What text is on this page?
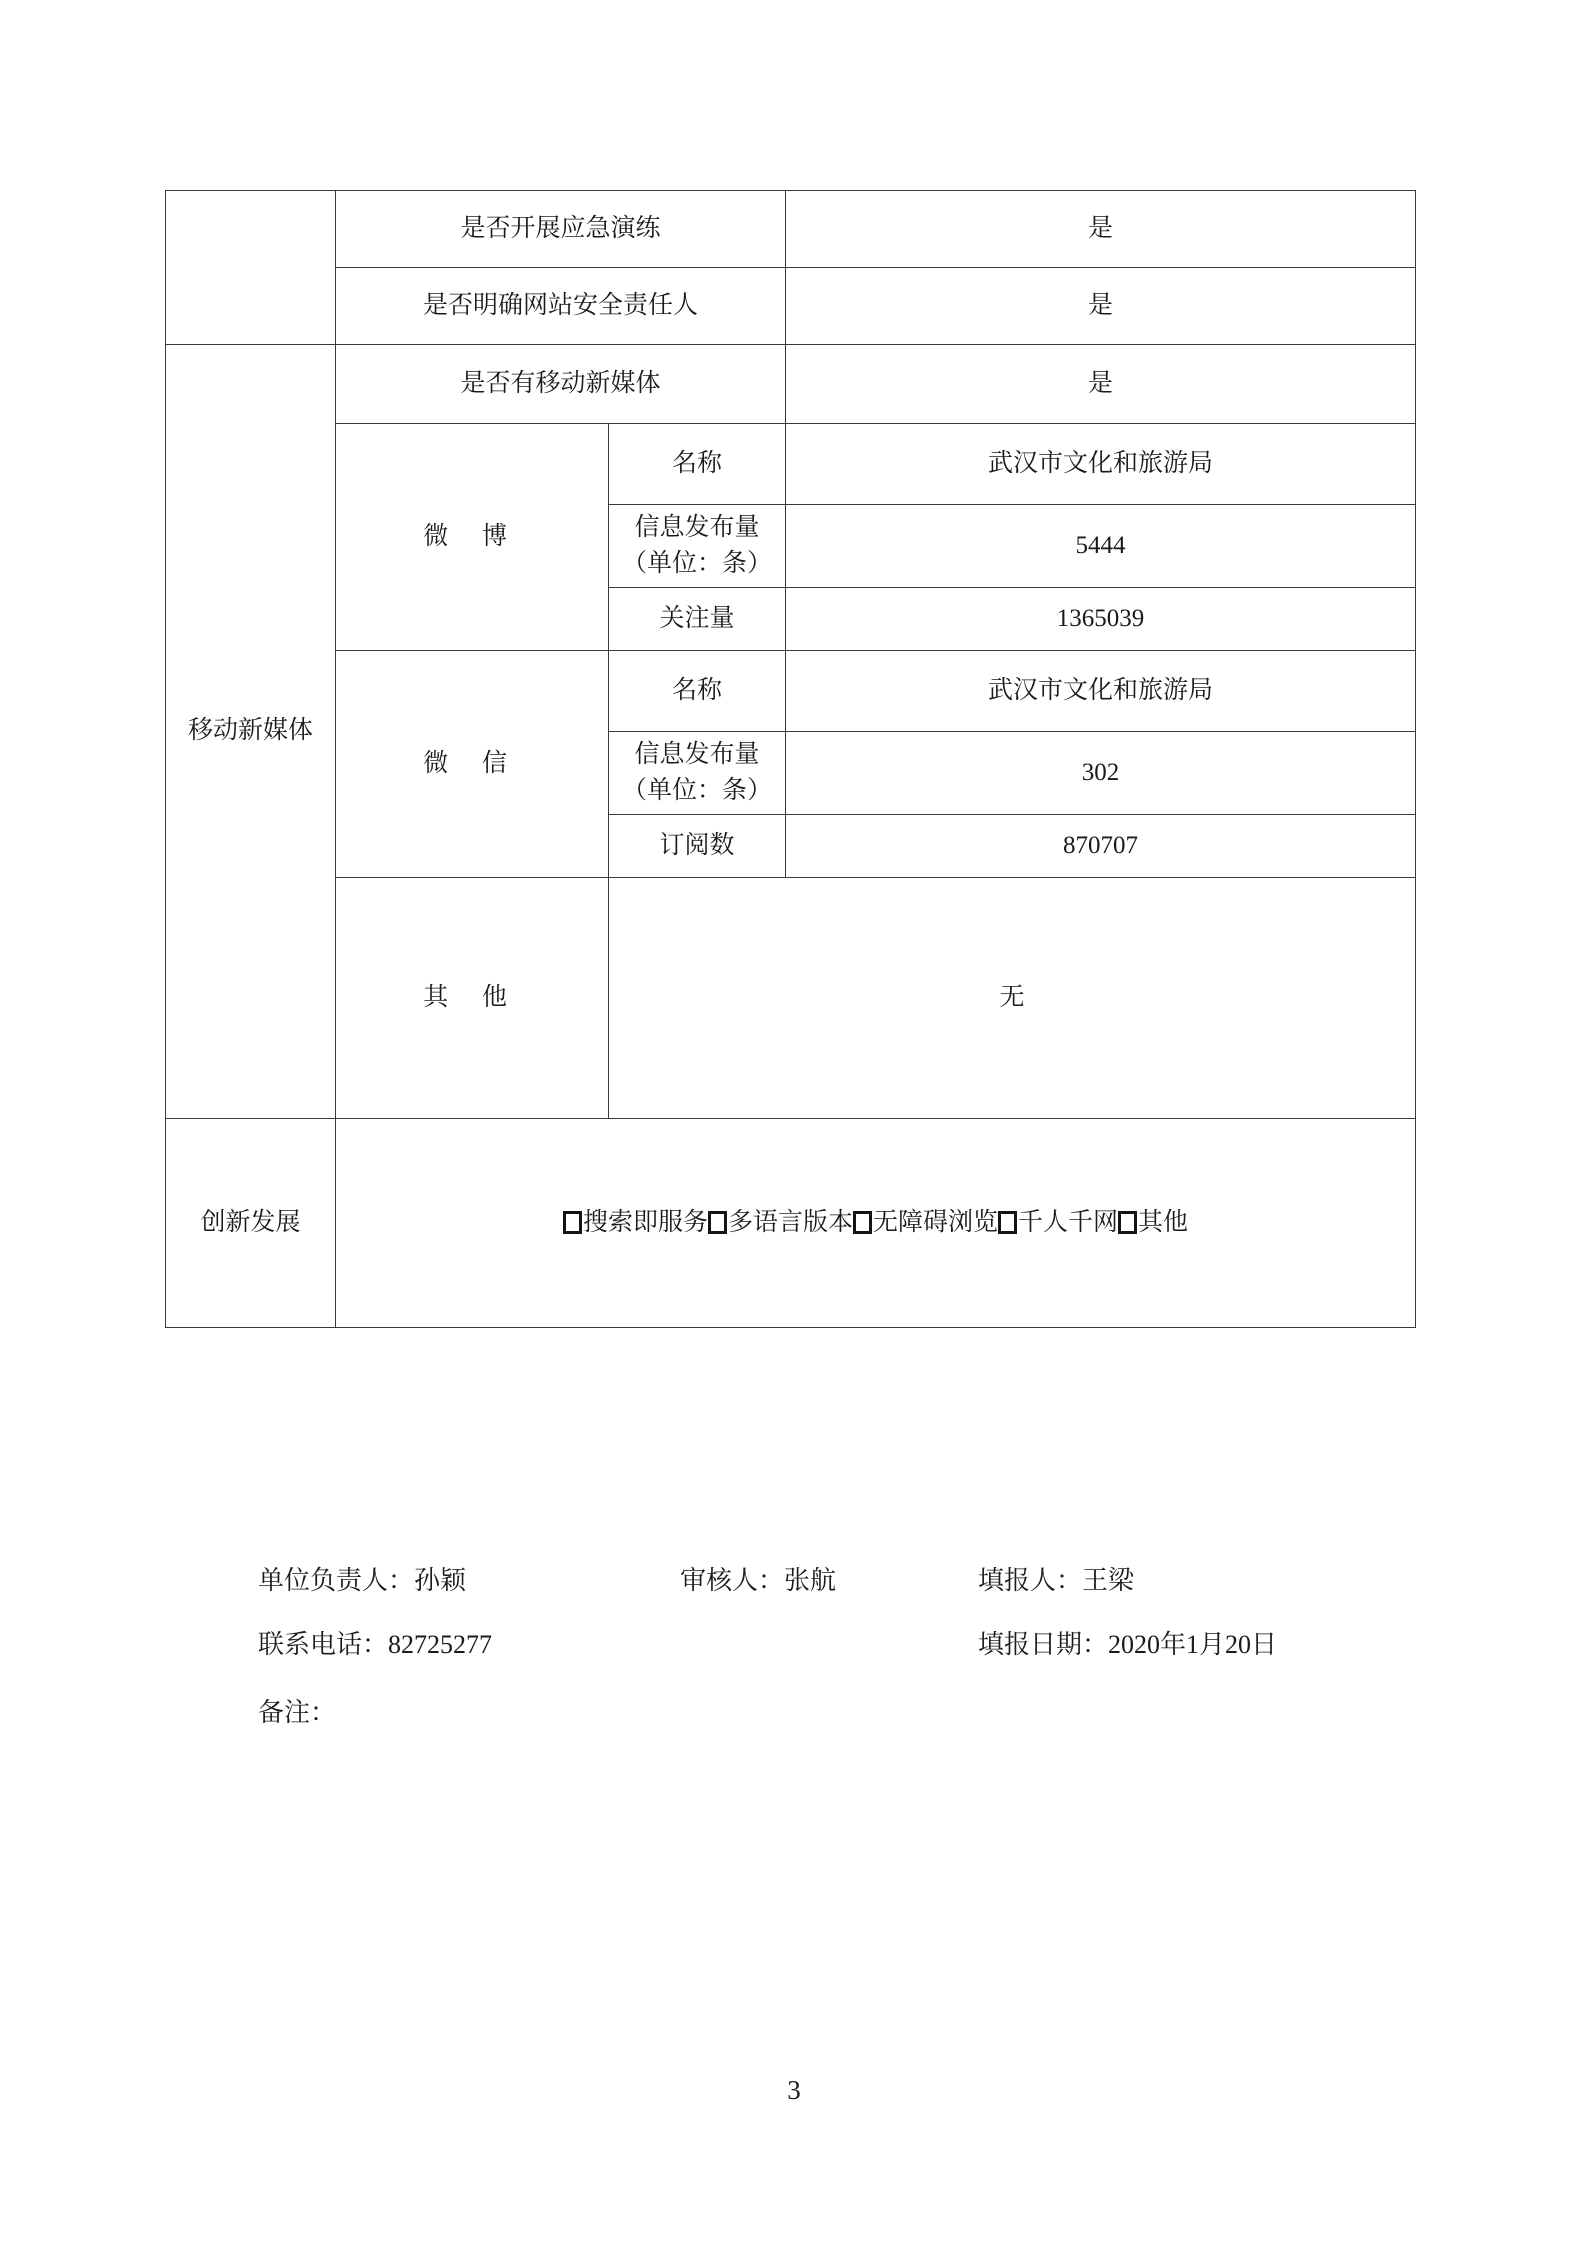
	是否开展应急演练		是
	是否明确网站安全责任人		是
移动新媒体	是否有移动新媒体		是
	微 博	名称	武汉市文化和旅游局

		信息发布量
（单位：条）	5444
		关注量	1365039
	微 信	名称	武汉市文化和旅游局

		信息发布量
（单位：条）	302
		订阅数	870707
	其 他	无	
创新发展	搜索即服务 多语言版本 无障碍浏览 千人千网 其他		
单位负责人：孙颖	审核人：张航	填报人：王梁
联系电话：82725277	填报日期：2020年1月20日
备注：
3
